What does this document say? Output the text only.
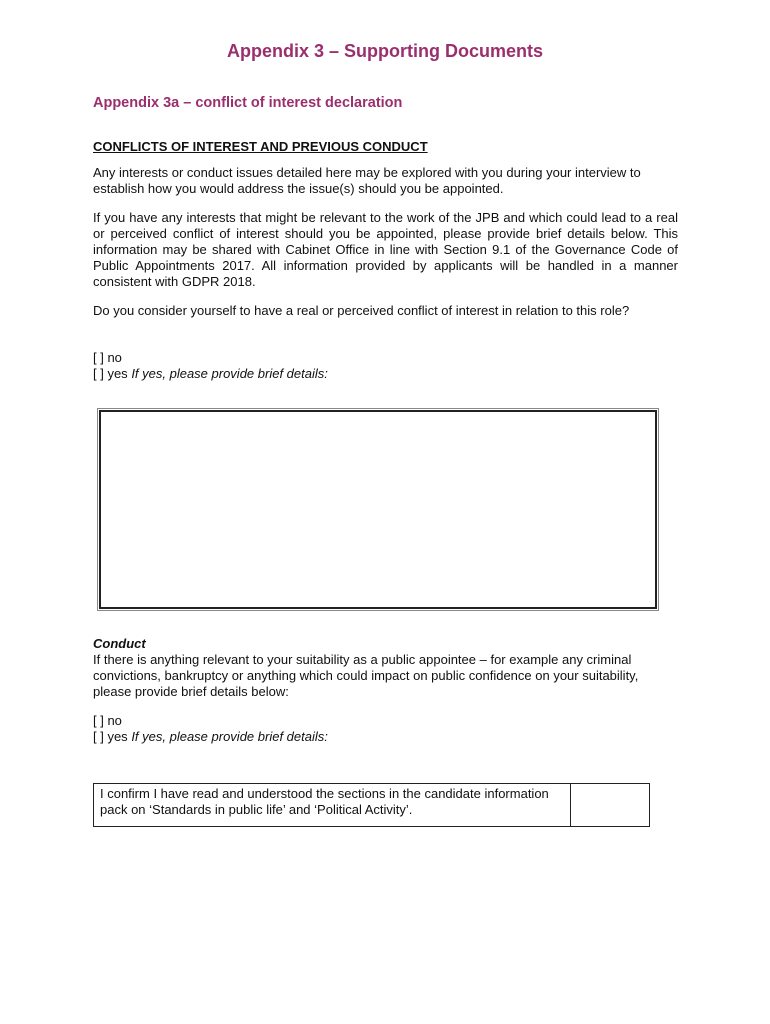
Appendix 3 – Supporting Documents
Appendix 3a – conflict of interest declaration
CONFLICTS OF INTEREST AND PREVIOUS CONDUCT
Any interests or conduct issues detailed here may be explored with you during your interview to establish how you would address the issue(s) should you be appointed.
If you have any interests that might be relevant to the work of the JPB and which could lead to a real or perceived conflict of interest should you be appointed, please provide brief details below. This information may be shared with Cabinet Office in line with Section 9.1 of the Governance Code of Public Appointments 2017. All information provided by applicants will be handled in a manner consistent with GDPR 2018.
Do you consider yourself to have a real or perceived conflict of interest in relation to this role?
[ ] no
[ ] yes If yes, please provide brief details:
Conduct
If there is anything relevant to your suitability as a public appointee – for example any criminal convictions, bankruptcy or anything which could impact on public confidence on your suitability, please provide brief details below:
[ ] no
[ ] yes If yes, please provide brief details:
I confirm I have read and understood the sections in the candidate information pack on ‘Standards in public life’ and ‘Political Activity’.	
